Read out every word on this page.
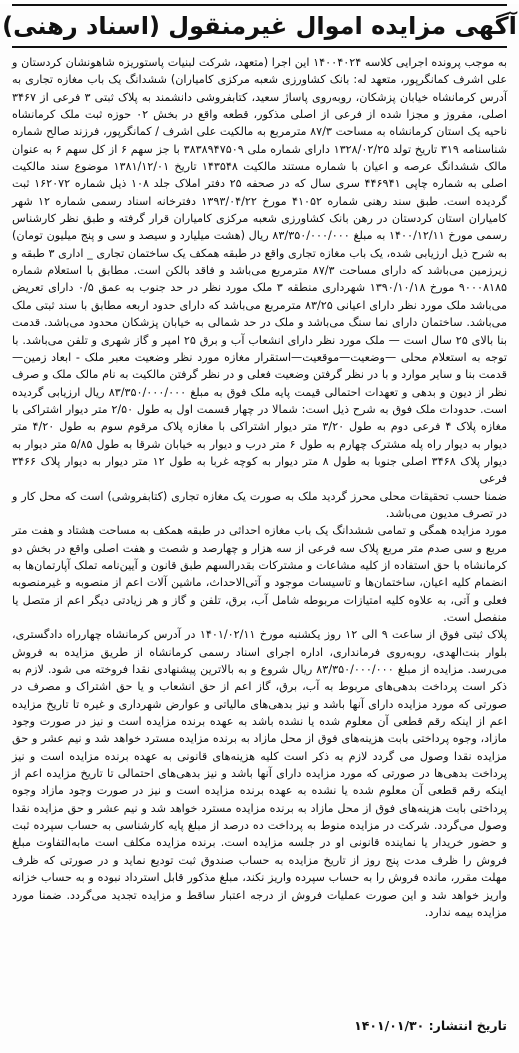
آگهی مزایده اموال غیرمنقول (اسناد رهنی)

به موجب پرونده اجرایی کلاسه ۱۴۰۰۴۰۲۴ این اجرا (متعهد، شرکت لبنیات پاستوریزه شاهونشان کردستان و علی اشرف کمانگرپور، متعهد له: بانک کشاورزی شعبه مرکزی کامیاران) ششدانگ یک باب مغازه تجاری به آدرس کرمانشاه خیابان پزشکان، روبه‌روی پاساژ سعید، کتابفروشی دانشمند به پلاک ثبتی ۳ فرعی از ۳۴۶۷ اصلی، مفروز و مجزا شده از فرعی از اصلی مذکور، قطعه واقع در بخش ۰۲ حوزه ثبت ملک کرمانشاه ناحیه یک استان کرمانشاه به مساحت ۸۷/۳ مترمربع به مالکیت علی اشرف / کمانگرپور، فرزند صالح شماره شناسنامه ۳۱۹ تاریخ تولد ۱۳۲۸/۰۲/۲۵ دارای شماره ملی ۳۸۳۸۹۴۷۵۰۹ با جز سهم ۶ از کل سهم ۶ به عنوان مالک ششدانگ عرصه و اعیان با شماره مستند مالکیت ۱۴۳۵۴۸ تاریخ ۱۳۸۱/۱۲/۰۱ موضوع سند مالکیت اصلی به شماره چاپی ۴۴۶۹۴۱ سری سال که در صحفه ۲۵ دفتر املاک جلد ۱۰۸ ذیل شماره ۱۶۲۰۷۲ ثبت گردیده است. طبق سند رهنی شماره ۴۱۰۵۲ مورخ ۱۳۹۳/۰۴/۲۲ دفترخانه اسناد رسمی شماره ۱۲ شهر کامیاران استان کردستان در رهن بانک کشاورزی شعبه مرکزی کامیاران قرار گرفته و طبق نظر کارشناس رسمی مورخ ۱۴۰۰/۱۲/۱۱ به مبلغ ۸۳/۳۵۰/۰۰۰/۰۰۰ ریال (هشت میلیارد و سیصد و سی و پنج میلیون تومان) به شرح ذیل ارزیابی شده، یک باب مغازه تجاری واقع در طبقه همکف یک ساختمان تجاری _ اداری ۳ طبقه و زیرزمین می‌باشد که دارای مساحت ۸۷/۳ مترمربع می‌باشد و فاقد بالکن است. مطابق با استعلام شماره ۹۰۰۰۸۱۸۵ مورخ ۱۳۹۰/۱۰/۱۸ شهرداری منطقه ۳ ملک مورد نظر در حد جنوب به عمق ۰/۵ دارای تعریض می‌باشد ملک مورد نظر دارای اعیانی ۸۳/۲۵ مترمربع می‌باشد که دارای حدود اربعه مطابق با سند ثبتی ملک می‌باشد. ساختمان دارای نما سنگ می‌باشد و ملک در حد شمالی به خیابان پزشکان محدود می‌باشد. قدمت بنا بالای ۲۵ سال است — ملک مورد نظر دارای انشعاب آب و برق ۲۵ امپر و گاز شهری و تلفن می‌باشد. با توجه به استعلام محلی —وضعیت—موقعیت—استقرار مغازه مورد نظر وضعیت معبر ملک - ابعاد زمین—قدمت بنا و سایر موارد و با در نظر گرفتن وضعیت فعلی و در نظر گرفتن مالکیت به نام مالک ملک و صرف نظر از دیون و بدهی و تعهدات احتمالی قیمت پایه ملک فوق به مبلغ ۸۳/۳۵۰/۰۰۰/۰۰۰ ریال ارزیابی گردیده است. حدودات ملک فوق به شرح ذیل است: شمالا در چهار قسمت اول به طول ۲/۵۰ متر دیوار اشتراکی با مغازه پلاک ۴ فرعی دوم به طول ۳/۲۰ متر دیوار اشتراکی با مغازه پلاک مرقوم سوم به طول ۴/۲۰ متر دیوار به دیوار راه پله مشترک چهارم به طول ۶ متر درب و دیوار به خیابان شرقا به طول ۵/۸۵ متر دیوار به دیوار پلاک ۳۴۶۸ اصلی جنوبا به طول ۸ متر دیوار به کوچه غربا به طول ۱۲ متر دیوار به دیوار پلاک ۳۴۶۶ فرعی

ضمنا حسب تحقیقات محلی محرز گردید ملک به صورت یک مغازه تجاری (کتابفروشی) است که محل کار و در تصرف مدیون می‌باشد.

مورد مزایده همگی و تمامی ششدانگ یک باب مغازه احداثی در طبقه همکف به مساحت هشتاد و هفت متر مربع و سی صدم متر مربع پلاک سه فرعی از سه هزار و چهارصد و شصت و هفت اصلی واقع در بخش دو کرمانشاه با حق استفاده از کلیه مشاعات و مشترکات بقدرالسهم طبق قانون و آیین‌نامه تملک آپارتمان‌ها به انضمام کلیه اعیان، ساختمان‌ها و تاسیسات موجود و آتی‌الاحداث، ماشین آلات اعم از منصوبه و غیرمنصوبه فعلی و آتی، به علاوه کلیه امتیازات مربوطه شامل آب، برق، تلفن و گاز و هر زیادتی دیگر اعم از متصل یا منفصل است.

پلاک ثبتی فوق از ساعت ۹ الی ۱۲ روز یکشنبه مورخ ۱۴۰۱/۰۲/۱۱ در آدرس کرمانشاه چهارراه دادگستری، بلوار بنت‌الهدی، روبه‌روی فرمانداری، اداره اجرای اسناد رسمی کرمانشاه از طریق مزایده به فروش می‌رسد. مزایده از مبلغ ۸۳/۳۵۰/۰۰۰/۰۰۰ ریال شروع و به بالاترین پیشنهادی نقدا فروخته می شود. لازم به ذکر است پرداخت بدهی‌های مربوط به آب، برق، گاز اعم از حق انشعاب و یا حق اشتراک و مصرف در صورتی که مورد مزایده دارای آنها باشد و نیز بدهی‌های مالیاتی و عوارض شهرداری و غیره تا تاریخ مزایده اعم از اینکه رقم قطعی آن معلوم شده یا نشده باشد به عهده برنده مزایده است و نیز در صورت وجود مازاد، وجوه پرداختی بابت هزینه‌های فوق از محل مازاد به برنده مزایده مسترد خواهد شد و نیم عشر و حق مزایده نقدا وصول می گردد لازم به ذکر است کلیه هزینه‌های قانونی به عهده برنده مزایده است و نیز پرداخت بدهی‌ها در صورتی که مورد مزایده دارای آنها باشد و نیز بدهی‌های احتمالی تا تاریخ مزایده اعم از اینکه رقم قطعی آن معلوم شده یا نشده به عهده برنده مزایده است و نیز در صورت وجود مازاد وجوه پرداختی بابت هزینه‌های فوق از محل مازاد به برنده مزایده مسترد خواهد شد و نیم عشر و حق مزایده نقدا وصول می‌گردد. شرکت در مزایده منوط به پرداخت ده درصد از مبلغ پایه کارشناسی به حساب سپرده ثبت و حضور خریدار یا نماینده قانونی او در جلسه مزایده است. برنده مزایده مکلف است مابه‌التفاوت مبلغ فروش را ظرف مدت پنج روز از تاریخ مزایده به حساب صندوق ثبت تودیع نماید و در صورتی که ظرف مهلت مقرر، مانده فروش را به حساب سپرده واریز نکند، مبلغ مذکور قابل استرداد نبوده و به حساب خزانه واریز خواهد شد و این صورت عملیات فروش از درجه اعتبار ساقط و مزایده تجدید می‌گردد. ضمنا مورد مزایده بیمه ندارد.

تاریخ انتشار: ۱۴۰۱/۰۱/۳۰
